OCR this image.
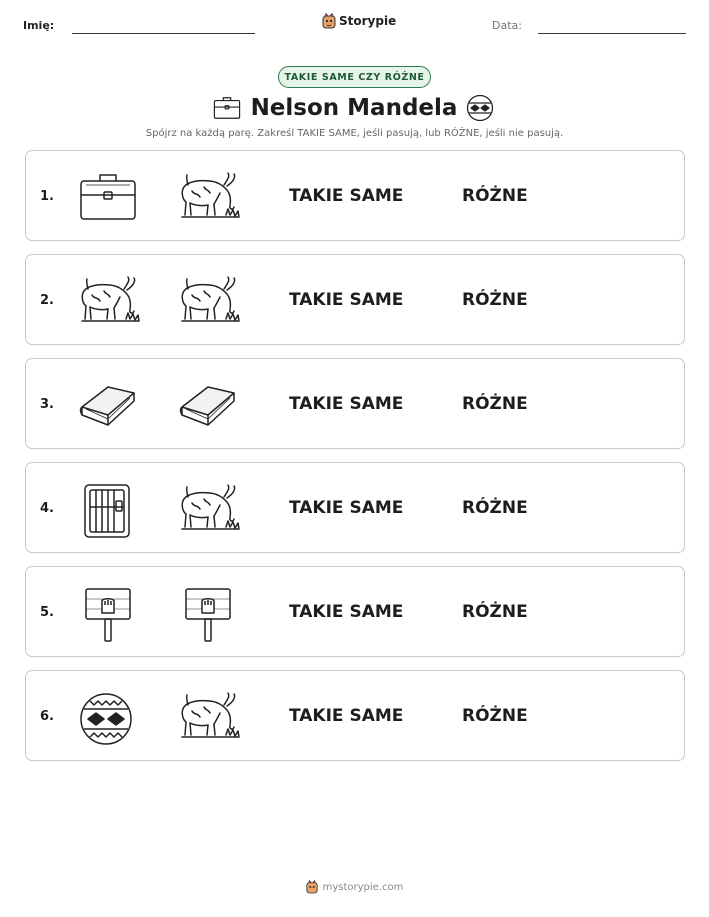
Imię:	Storypie	Data:
TAKIE SAME CZY RÓŻNE
Nelson Mandela
Spójrz na każdą parę. Zakreśl TAKIE SAME, jeśli pasują, lub RÓŻNE, jeśli nie pasują.
1.	TAKIE SAME	RÓŻNE
2.	TAKIE SAME	RÓŻNE
3.	TAKIE SAME	RÓŻNE
4.	TAKIE SAME	RÓŻNE
5.	TAKIE SAME	RÓŻNE
6.	TAKIE SAME	RÓŻNE
mystorypie.com
